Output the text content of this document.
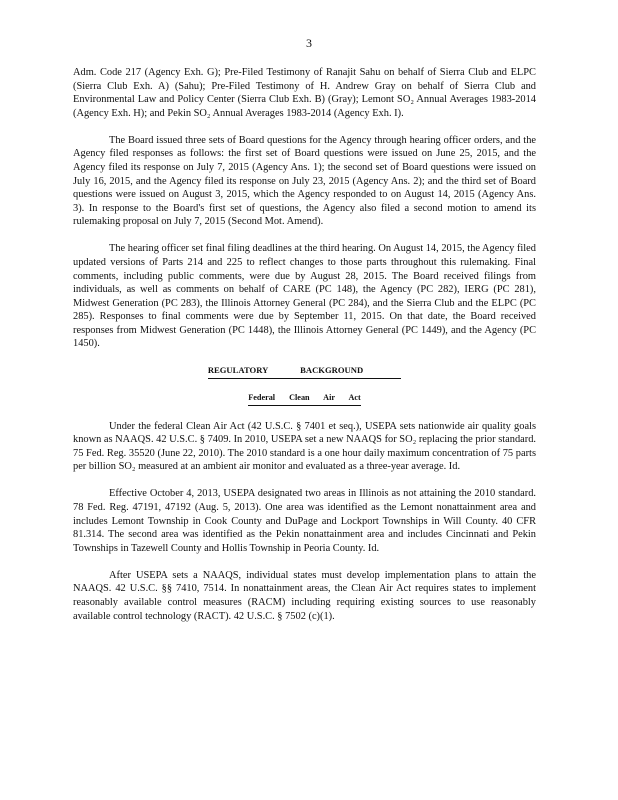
3

Adm. Code 217 (Agency Exh. G); Pre-Filed Testimony of Ranajit Sahu on behalf of Sierra Club and ELPC (Sierra Club Exh. A) (Sahu); Pre-Filed Testimony of H. Andrew Gray on behalf of Sierra Club and Environmental Law and Policy Center (Sierra Club Exh. B) (Gray); Lemont SO₂ Annual Averages 1983-2014 (Agency Exh. H); and Pekin SO₂ Annual Averages 1983-2014 (Agency Exh. I).

The Board issued three sets of Board questions for the Agency through hearing officer orders, and the Agency filed responses as follows: the first set of Board questions were issued on June 25, 2015, and the Agency filed its response on July 7, 2015 (Agency Ans. 1); the second set of Board questions were issued on July 16, 2015, and the Agency filed its response on July 23, 2015 (Agency Ans. 2); and the third set of Board questions were issued on August 3, 2015, which the Agency responded to on August 14, 2015 (Agency Ans. 3). In response to the Board's first set of questions, the Agency also filed a second motion to amend its rulemaking proposal on July 7, 2015 (Second Mot. Amend).

The hearing officer set final filing deadlines at the third hearing. On August 14, 2015, the Agency filed updated versions of Parts 214 and 225 to reflect changes to those parts throughout this rulemaking. Final comments, including public comments, were due by August 28, 2015. The Board received filings from individuals, as well as comments on behalf of CARE (PC 148), the Agency (PC 282), IERG (PC 281), Midwest Generation (PC 283), the Illinois Attorney General (PC 284), and the Sierra Club and the ELPC (PC 285). Responses to final comments were due by September 11, 2015. On that date, the Board received responses from Midwest Generation (PC 1448), the Illinois Attorney General (PC 1449), and the Agency (PC 1450).

REGULATORY BACKGROUND
Federal Clean Air Act

Under the federal Clean Air Act (42 U.S.C. § 7401 et seq.), USEPA sets nationwide air quality goals known as NAAQS. 42 U.S.C. § 7409. In 2010, USEPA set a new NAAQS for SO₂ replacing the prior standard. 75 Fed. Reg. 35520 (June 22, 2010). The 2010 standard is a one hour daily maximum concentration of 75 parts per billion SO₂ measured at an ambient air monitor and evaluated as a three-year average. Id.

Effective October 4, 2013, USEPA designated two areas in Illinois as not attaining the 2010 standard. 78 Fed. Reg. 47191, 47192 (Aug. 5, 2013). One area was identified as the Lemont nonattainment area and includes Lemont Township in Cook County and DuPage and Lockport Townships in Will County. 40 CFR 81.314. The second area was identified as the Pekin nonattainment area and includes Cincinnati and Pekin Townships in Tazewell County and Hollis Township in Peoria County. Id.

After USEPA sets a NAAQS, individual states must develop implementation plans to attain the NAAQS. 42 U.S.C. §§ 7410, 7514. In nonattainment areas, the Clean Air Act requires states to implement reasonably available control measures (RACM) including requiring existing sources to use reasonably available control technology (RACT). 42 U.S.C. § 7502 (c)(1).
